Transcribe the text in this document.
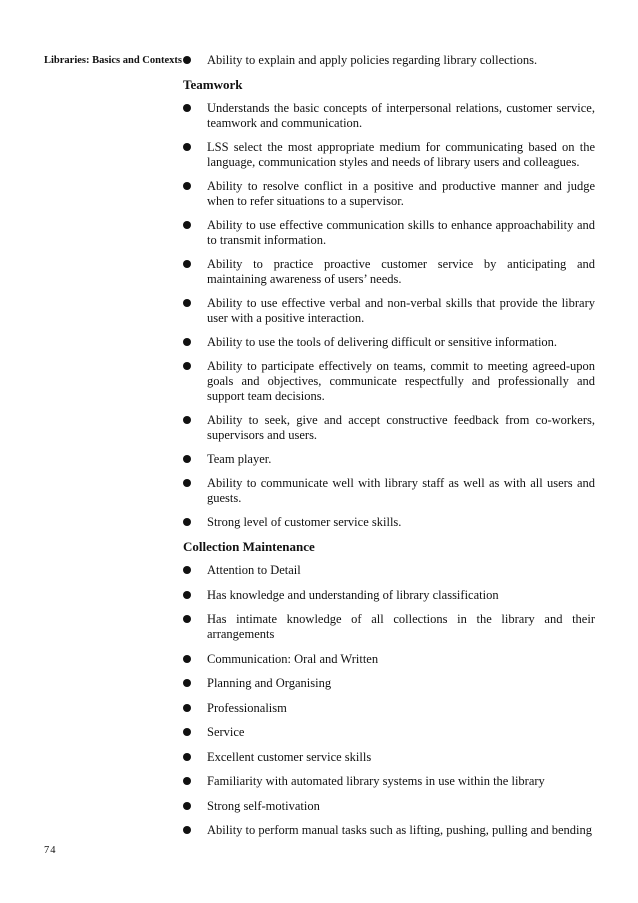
Libraries: Basics and Contexts	Ability to explain and apply policies regarding library collections.
Teamwork
Understands the basic concepts of interpersonal relations, customer service, teamwork and communication.
LSS select the most appropriate medium for communicating based on the language, communication styles and needs of library users and colleagues.
Ability to resolve conflict in a positive and productive manner and judge when to refer situations to a supervisor.
Ability to use effective communication skills to enhance approachability and to transmit information.
Ability to practice proactive customer service by anticipating and maintaining awareness of users’ needs.
Ability to use effective verbal and non-verbal skills that provide the library user with a positive interaction.
Ability to use the tools of delivering difficult or sensitive information.
Ability to participate effectively on teams, commit to meeting agreed-upon goals and objectives, communicate respectfully and professionally and support team decisions.
Ability to seek, give and accept constructive feedback from co-workers, supervisors and users.
Team player.
Ability to communicate well with library staff as well as with all users and guests.
Strong level of customer service skills.
Collection Maintenance
Attention to Detail
Has knowledge and understanding of library classification
Has intimate knowledge of all collections in the library and their arrangements
Communication: Oral and Written
Planning and Organising
Professionalism
Service
Excellent customer service skills
Familiarity with automated library systems in use within the library
Strong self-motivation
Ability to perform manual tasks such as lifting, pushing, pulling and bending
74
